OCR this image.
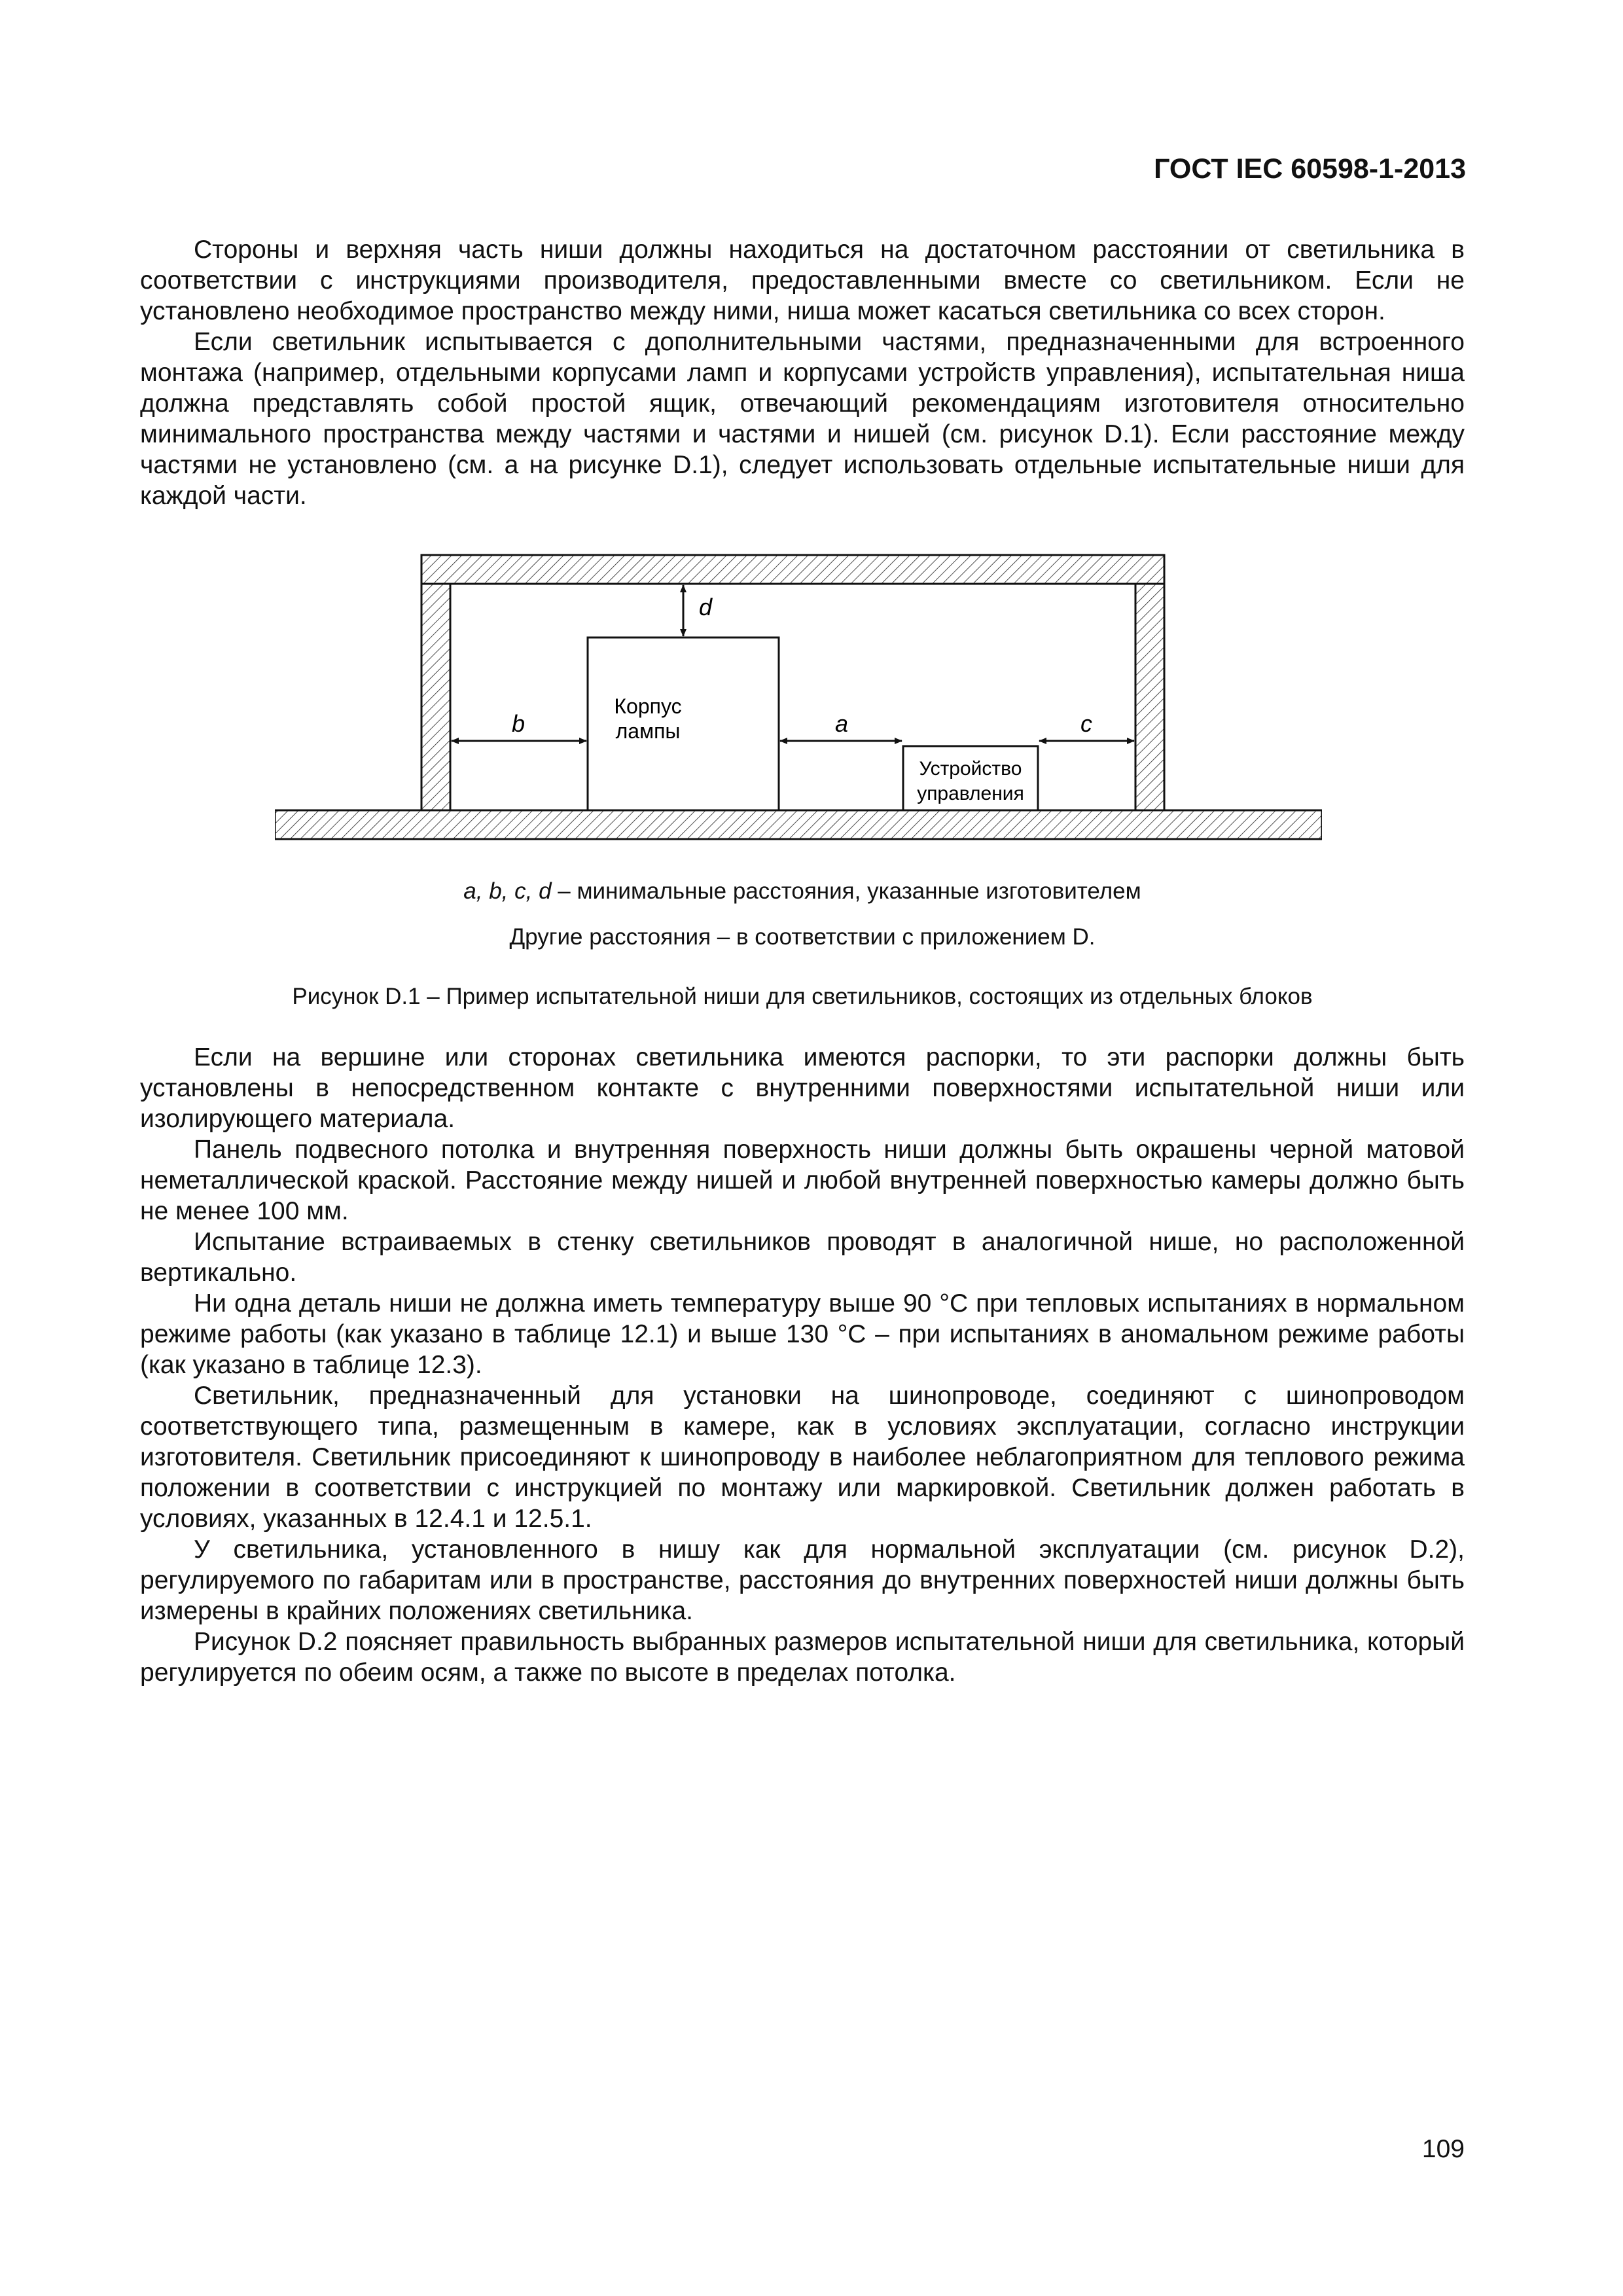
ГОСТ IEC 60598-1-2013

Стороны и верхняя часть ниши должны находиться на достаточном расстоянии от светильника в соответствии с инструкциями производителя, предоставленными вместе со светильником. Если не установлено необходимое пространство между ними, ниша может касаться светильника со всех сторон.

Если светильник испытывается с дополнительными частями, предназначенными для встроенного монтажа (например, отдельными корпусами ламп и корпусами устройств управления), испытательная ниша должна представлять собой простой ящик, отвечающий рекомендациям изготовителя относительно минимального пространства между частями и частями и нишей (см. рисунок D.1). Если расстояние между частями не установлено (см. a на рисунке D.1), следует использовать отдельные испытательные ниши для каждой части.

Корпус
лампы
Устройство
управления
d
b	a	c
a, b, c, d – минимальные расстояния, указанные изготовителем
Другие расстояния – в соответствии с приложением D.
Рисунок D.1 – Пример испытательной ниши для светильников, состоящих из отдельных блоков

Если на вершине или сторонах светильника имеются распорки, то эти распорки должны быть установлены в непосредственном контакте с внутренними поверхностями испытательной ниши или изолирующего материала.

Панель подвесного потолка и внутренняя поверхность ниши должны быть окрашены черной матовой неметаллической краской. Расстояние между нишей и любой внутренней поверхностью камеры должно быть не менее 100 мм.

Испытание встраиваемых в стенку светильников проводят в аналогичной нише, но расположенной вертикально.

Ни одна деталь ниши не должна иметь температуру выше 90 °С при тепловых испытаниях в нормальном режиме работы (как указано в таблице 12.1) и выше 130 °С – при испытаниях в аномальном режиме работы (как указано в таблице 12.3).

Светильник, предназначенный для установки на шинопроводе, соединяют с шинопроводом соответствующего типа, размещенным в камере, как в условиях эксплуатации, согласно инструкции изготовителя. Светильник присоединяют к шинопроводу в наиболее неблагоприятном для теплового режима положении в соответствии с инструкцией по монтажу или маркировкой. Светильник должен работать в условиях, указанных в 12.4.1 и 12.5.1.

У светильника, установленного в нишу как для нормальной эксплуатации (см. рисунок D.2), регулируемого по габаритам или в пространстве, расстояния до внутренних поверхностей ниши должны быть измерены в крайних положениях светильника.

Рисунок D.2 поясняет правильность выбранных размеров испытательной ниши для светильника, который регулируется по обеим осям, а также по высоте в пределах потолка.

109
